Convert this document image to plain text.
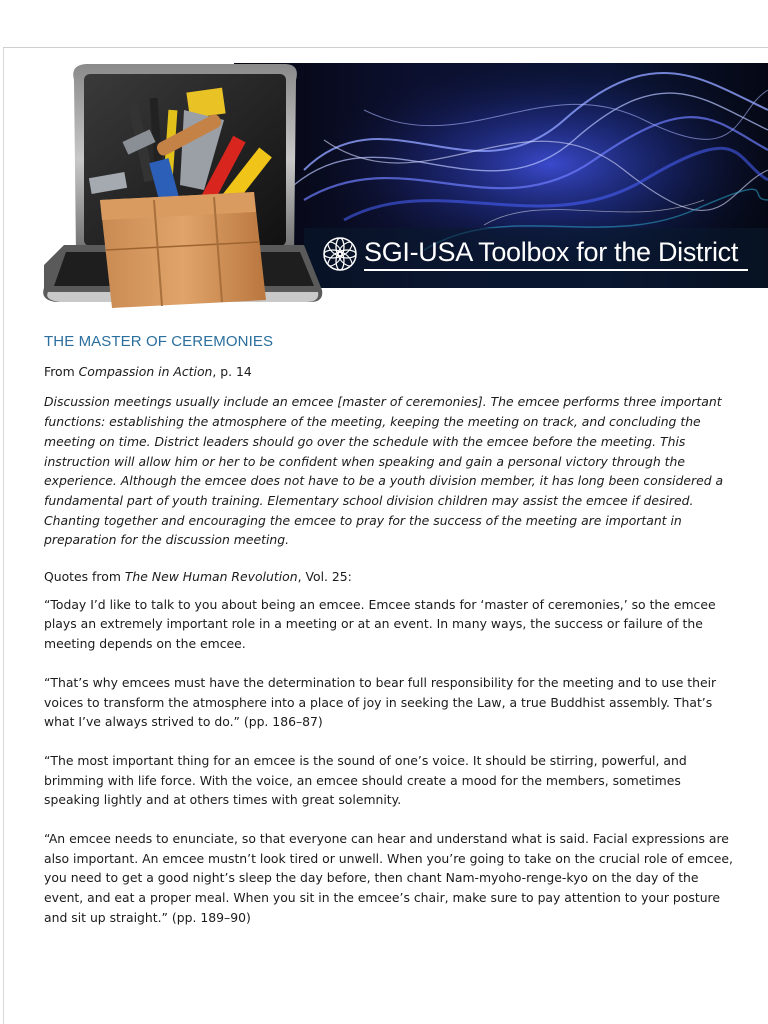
SGI-USA Toolbox for the District
THE MASTER OF CEREMONIES

From Compassion in Action, p. 14

Discussion meetings usually include an emcee [master of ceremonies]. The emcee performs three important functions: establishing the atmosphere of the meeting, keeping the meeting on track, and concluding the meeting on time. District leaders should go over the schedule with the emcee before the meeting. This instruction will allow him or her to be confident when speaking and gain a personal victory through the experience. Although the emcee does not have to be a youth division member, it has long been considered a fundamental part of youth training. Elementary school division children may assist the emcee if desired. Chanting together and encouraging the emcee to pray for the success of the meeting are important in preparation for the discussion meeting.

Quotes from The New Human Revolution, Vol. 25:

“Today I’d like to talk to you about being an emcee. Emcee stands for ‘master of ceremonies,’ so the emcee plays an extremely important role in a meeting or at an event. In many ways, the success or failure of the meeting depends on the emcee.

“That’s why emcees must have the determination to bear full responsibility for the meeting and to use their voices to transform the atmosphere into a place of joy in seeking the Law, a true Buddhist assembly. That’s what I’ve always strived to do.” (pp. 186–87)

“The most important thing for an emcee is the sound of one’s voice. It should be stirring, powerful, and brimming with life force. With the voice, an emcee should create a mood for the members, sometimes speaking lightly and at others times with great solemnity.

“An emcee needs to enunciate, so that everyone can hear and understand what is said. Facial expressions are also important. An emcee mustn’t look tired or unwell. When you’re going to take on the crucial role of emcee, you need to get a good night’s sleep the day before, then chant Nam-myoho-renge-kyo on the day of the event, and eat a proper meal. When you sit in the emcee’s chair, make sure to pay attention to your posture and sit up straight.” (pp. 189–90)
